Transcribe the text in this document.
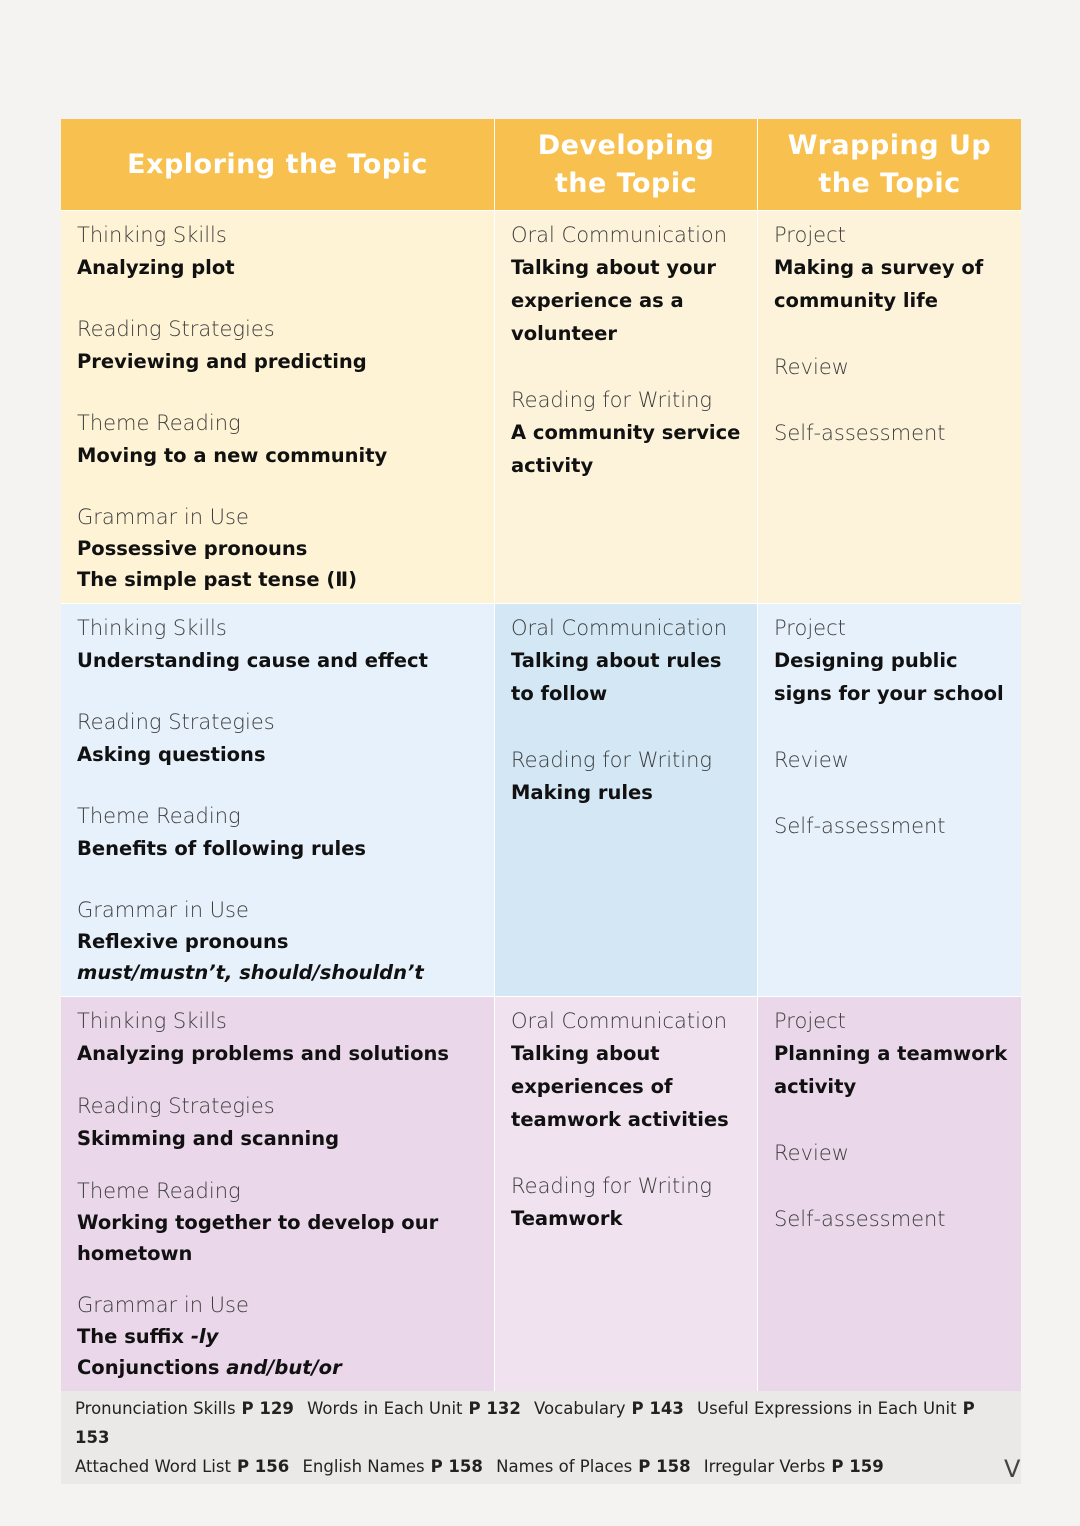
Exploring the Topic
Developing
the Topic
Wrapping Up
the Topic
Thinking Skills
Analyzing plot
Reading Strategies
Previewing and predicting
Theme Reading
Moving to a new community
Grammar in Use
Possessive pronouns
The simple past tense (Ⅱ)
Oral Communication
Talking about your experience as a volunteer
Reading for Writing
A community service activity
Project
Making a survey of community life
Review
Self-assessment
Thinking Skills
Understanding cause and effect
Reading Strategies
Asking questions
Theme Reading
Benefits of following rules
Grammar in Use
Reflexive pronouns
must/mustn’t, should/shouldn’t
Oral Communication
Talking about rules to follow
Reading for Writing
Making rules
Project
Designing public signs for your school
Review
Self-assessment
Thinking Skills
Analyzing problems and solutions
Reading Strategies
Skimming and scanning
Theme Reading
Working together to develop our hometown
Grammar in Use
The suffix -ly
Conjunctions and/but/or
Oral Communication
Talking about experiences of teamwork activities
Reading for Writing
Teamwork
Project
Planning a teamwork activity
Review
Self-assessment
Pronunciation Skills P 129 Words in Each Unit P 132 Vocabulary P 143 Useful Expressions in Each Unit P 153
Attached Word List P 156 English Names P 158 Names of Places P 158 Irregular Verbs P 159	V
